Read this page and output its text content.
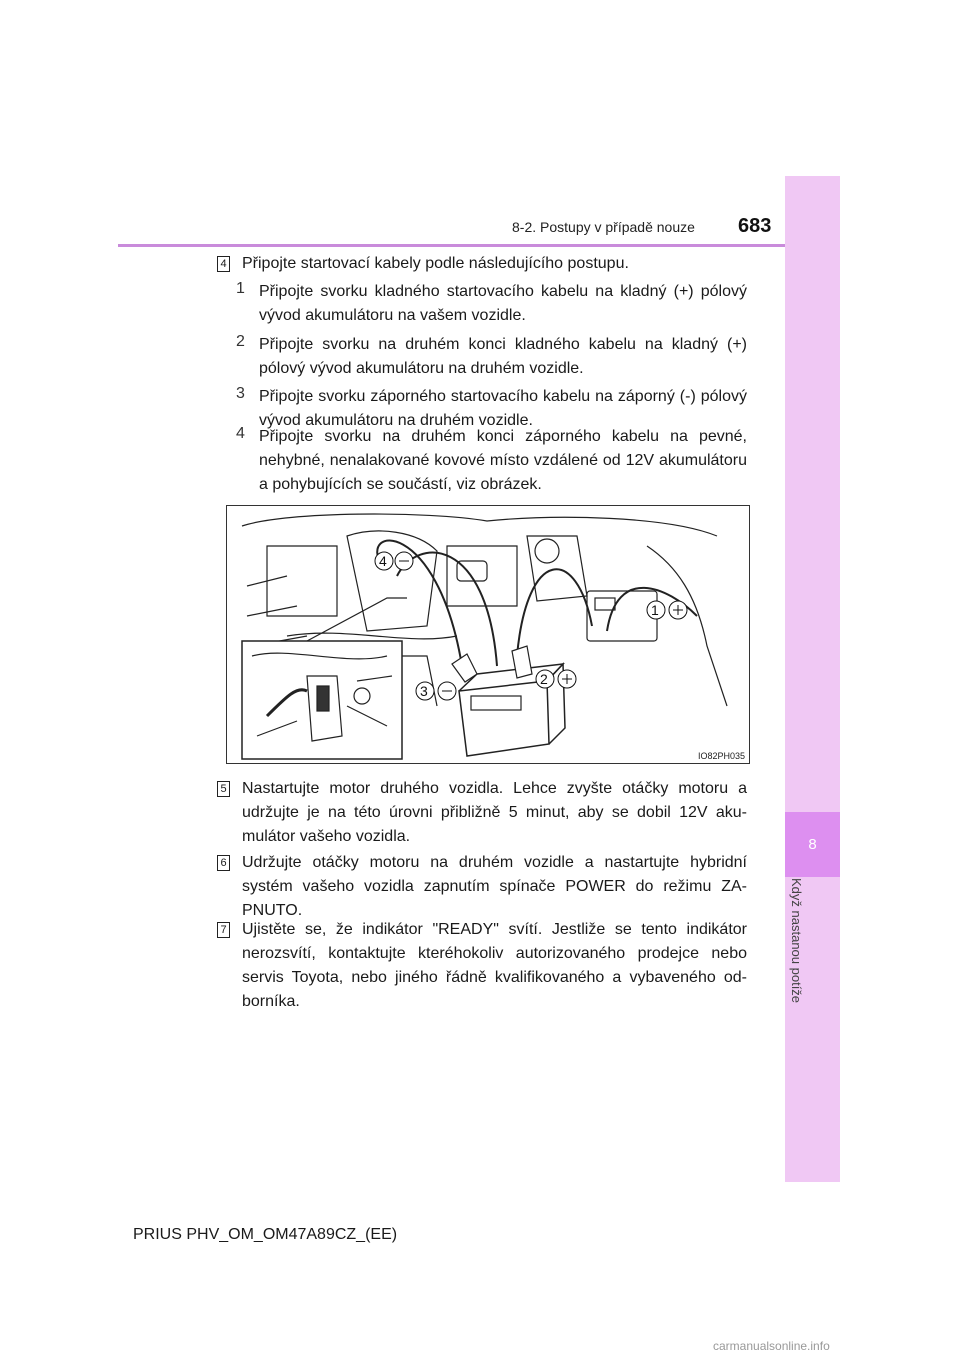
8
Když nastanou potíže
8-2. Postupy v případě nouze 683
4 Připojte startovací kabely podle následujícího postupu.

1 Připojte svorku kladného startovacího kabelu na kladný (+) pólový vývod akumulátoru na vašem vozidle.

2 Připojte svorku na druhém konci kladného kabelu na kladný (+) pólový vývod akumulátoru na druhém vozidle.

3 Připojte svorku záporného startovacího kabelu na záporný (-) pólový vývod akumulátoru na druhém vozidle.

4 Připojte svorku na druhém konci záporného kabelu na pevné, nehybné, nenalakované kovové místo vzdálené od 12V akumulátoru a pohybujících se součástí, viz obrázek.

4
1
2
3
IO82PH035
5 Nastartujte motor druhého vozidla. Lehce zvyšte otáčky motoru a udržujte je na této úrovni přibližně 5 minut, aby se dobil 12V akumulátor vašeho vozidla.

6 Udržujte otáčky motoru na druhém vozidle a nastartujte hybridní systém vašeho vozidla zapnutím spínače POWER do režimu ZAPNUTO.

7 Ujistěte se, že indikátor "READY" svítí. Jestliže se tento indikátor nerozsvítí, kontaktujte kteréhokoliv autorizovaného prodejce nebo servis Toyota, nebo jiného řádně kvalifikovaného a vybaveného odborníka.

PRIUS PHV_OM_OM47A89CZ_(EE)
carmanualsonline.info
